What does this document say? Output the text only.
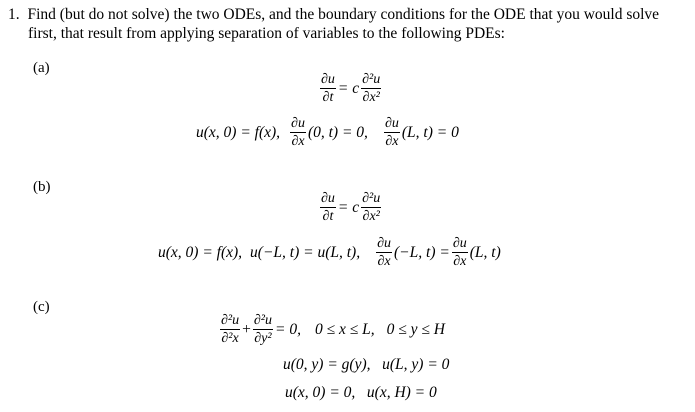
1. Find (but do not solve) the two ODEs, and the boundary conditions for the ODE that you would solve
first, that result from applying separation of variables to the following PDEs:
(a)
$\frac{\partial u}{\partial t} = c \frac{\text{∂²u}}{\text{∂x²}}$
u(x, 0) = f(x), $\frac{\partial u}{\partial x} (0$, t) = 0, $\frac{\partial u}{\partial x} (L$, t) = 0
(b)
$\frac{\partial u}{\partial t} = c \frac{\text{∂²u}}{\text{∂x²}}$
u(x, 0) = f(x), u(−L, t) = u(L, t), $\frac{\partial u}{\partial x} (-L$, $t) = \frac{\partial u}{\partial x} (L$, t)
(c)
$\frac{\text{∂²u}}{\text{∂²x}} + \frac{\text{∂²u}}{\text{∂y²}} = 0$, 0 ≤ x ≤ L, 0 ≤ y ≤ H
u(0, y) = g(y),   u(L, y) = 0
u(x, 0) = 0,   u(x, H) = 0
